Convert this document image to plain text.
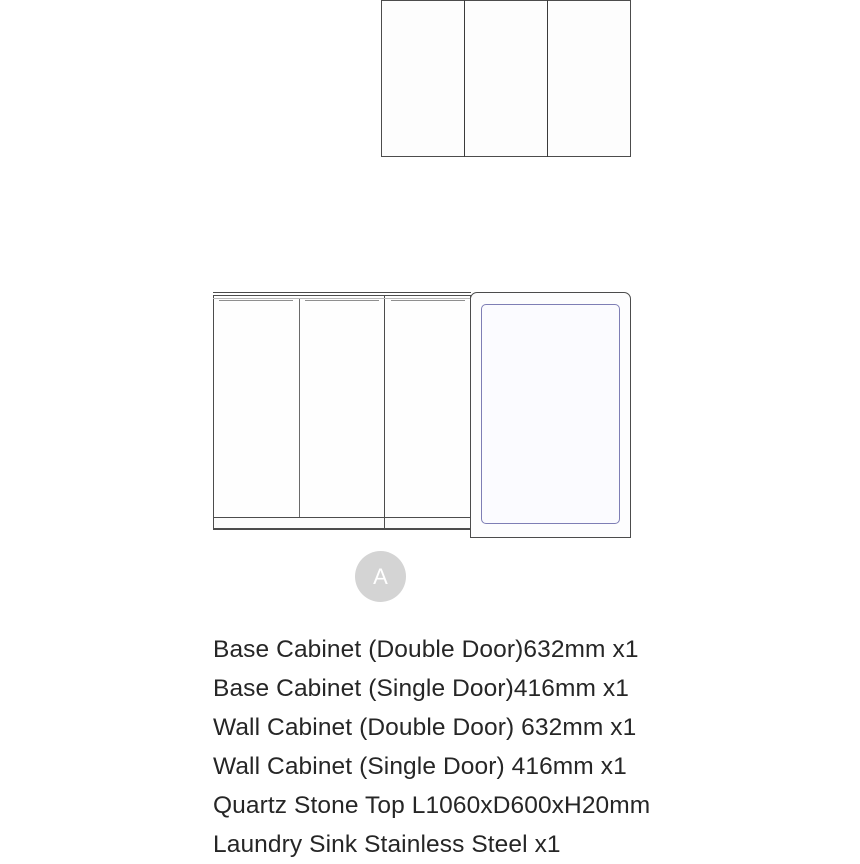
A
Base Cabinet (Double Door)632mm x1
Base Cabinet (Single Door)416mm x1
Wall Cabinet (Double Door) 632mm x1
Wall Cabinet (Single Door) 416mm x1
Quartz Stone Top L1060xD600xH20mm
Laundry Sink Stainless Steel x1
